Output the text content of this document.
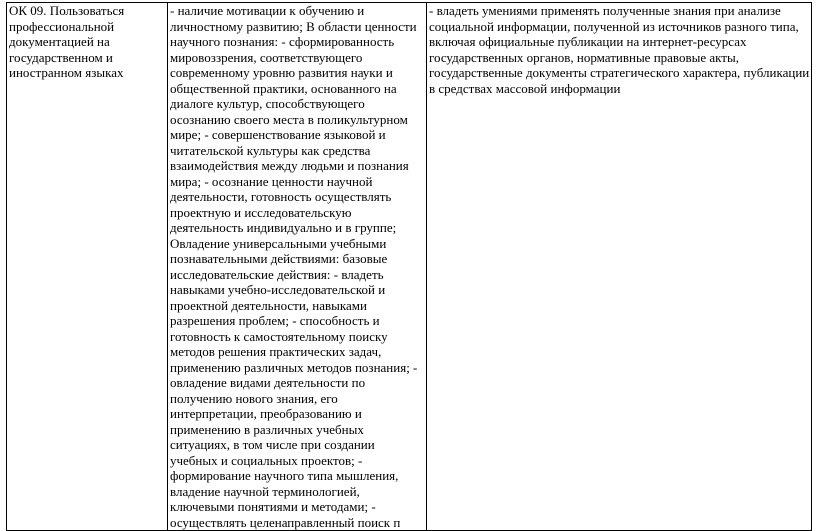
ОК 09. Пользоваться профессиональной документацией на государственном и иностранном языках	- наличие мотивации к обучению и личностному развитию; В области ценности научного познания: - сформированность мировоззрения, соответствующего современному уровню развития науки и общественной практики, основанного на диалоге культур, способствующего осознанию своего места в поликультурном мире; - совершенствование языковой и читательской культуры как средства взаимодействия между людьми и познания мира; - осознание ценности научной деятельности, готовность осуществлять проектную и исследовательскую деятельность индивидуально и в группе; Овладение универсальными учебными познавательными действиями: базовые исследовательские действия: - владеть навыками учебно-исследовательской и проектной деятельности, навыками разрешения проблем; - способность и готовность к самостоятельному поиску методов решения практических задач, применению различных методов познания; - овладение видами деятельности по получению нового знания, его интерпретации, преобразованию и применению в различных учебных ситуациях, в том числе при создании учебных и социальных проектов; - формирование научного типа мышления, владение научной терминологией, ключевыми понятиями и методами; - осуществлять целенаправленный поиск п	- владеть умениями применять полученные знания при анализе социальной информации, полученной из источников разного типа, включая официальные публикации на интернет-ресурсах государственных органов, нормативные правовые акты, государственные документы стратегического характера, публикации в средствах массовой информации
